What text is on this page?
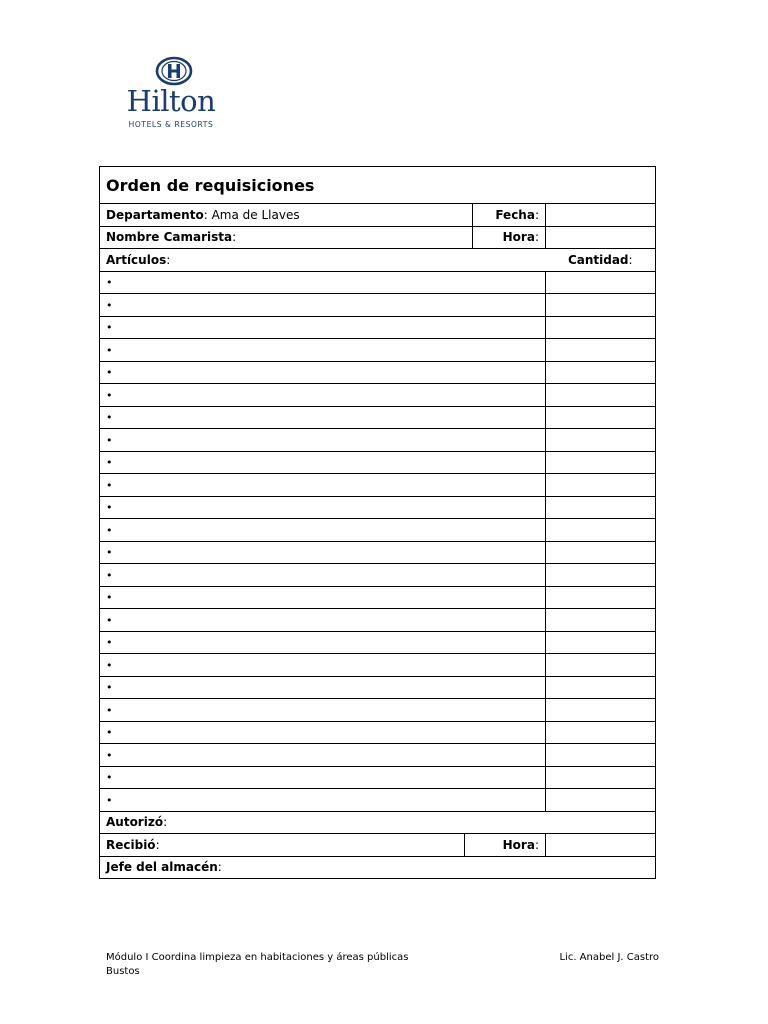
Hilton
HOTELS & RESORTS
Orden de requisiciones			
Departamento: Ama de Llaves		Fecha:	
Nombre Camarista:		Hora:	
Artículos:			Cantidad:
•			
•			
•			
•			
•			
•			
•			
•			
•			
•			
•			
•			
•			
•			
•			
•			
•			
•			
•			
•			
•			
•			
•			
•			
Autorizó:			
Recibió:	Hora:		
Jefe del almacén:			
Módulo I Coordina limpieza en habitaciones y áreas públicas
Bustos
Lic. Anabel J. Castro
